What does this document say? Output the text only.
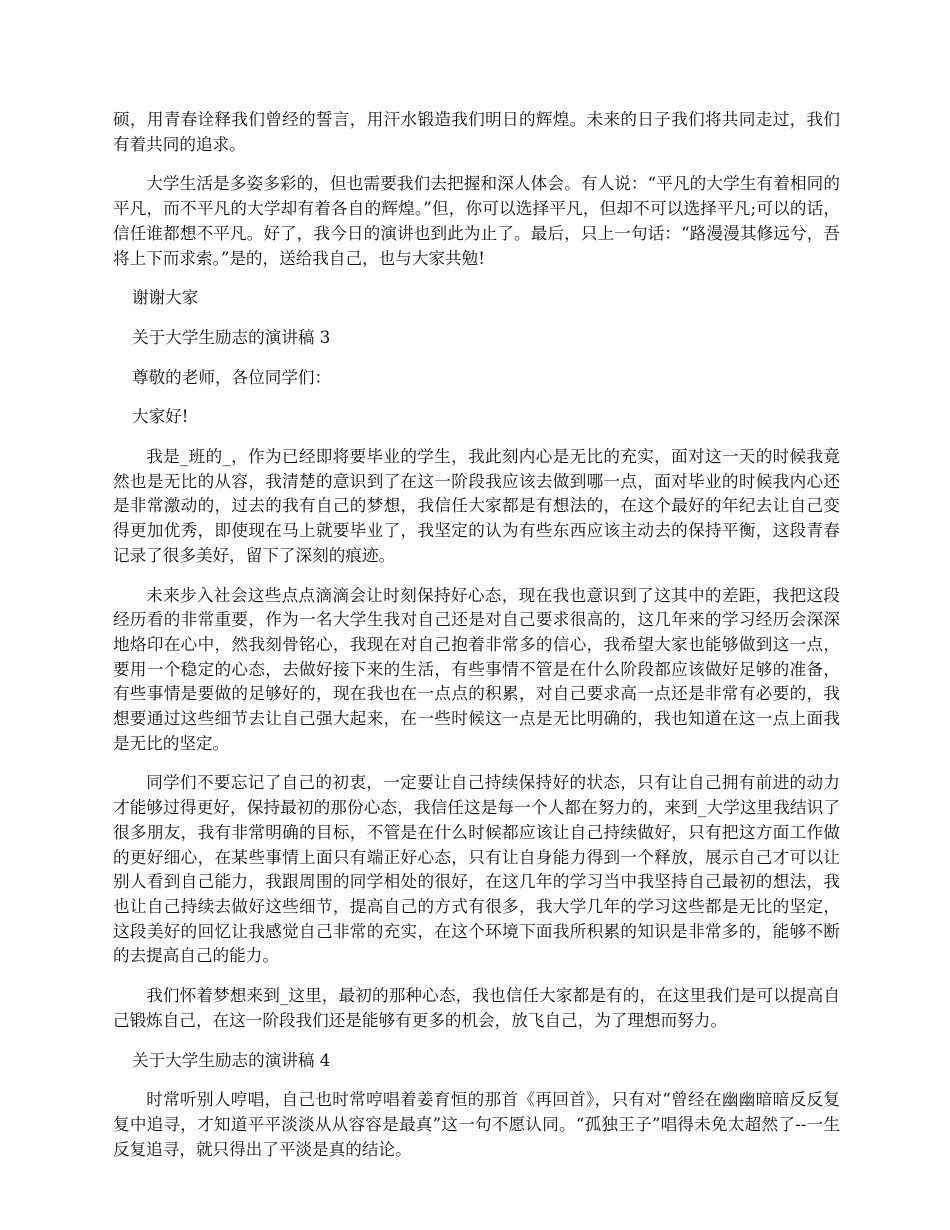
硕，用青春诠释我们曾经的誓言，用汗水锻造我们明日的辉煌。未来的日子我们将共同走过，我们有着共同的追求。

大学生活是多姿多彩的，但也需要我们去把握和深人体会。有人说：“平凡的大学生有着相同的平凡，而不平凡的大学却有着各自的辉煌。”但，你可以选择平凡，但却不可以选择平凡;可以的话，信任谁都想不平凡。好了，我今日的演讲也到此为止了。最后，只上一句话：“路漫漫其修远兮，吾将上下而求索。”是的，送给我自己，也与大家共勉!

谢谢大家

关于大学生励志的演讲稿 3

尊敬的老师，各位同学们：

大家好!

我是_班的_，作为已经即将要毕业的学生，我此刻内心是无比的充实，面对这一天的时候我竟然也是无比的从容，我清楚的意识到了在这一阶段我应该去做到哪一点，面对毕业的时候我内心还是非常激动的，过去的我有自己的梦想，我信任大家都是有想法的，在这个最好的年纪去让自己变得更加优秀，即使现在马上就要毕业了，我坚定的认为有些东西应该主动去的保持平衡，这段青春记录了很多美好，留下了深刻的痕迹。

未来步入社会这些点点滴滴会让时刻保持好心态，现在我也意识到了这其中的差距，我把这段经历看的非常重要，作为一名大学生我对自己还是对自己要求很高的，这几年来的学习经历会深深地烙印在心中，然我刻骨铭心，我现在对自己抱着非常多的信心，我希望大家也能够做到这一点，要用一个稳定的心态，去做好接下来的生活，有些事情不管是在什么阶段都应该做好足够的准备，有些事情是要做的足够好的，现在我也在一点点的积累，对自己要求高一点还是非常有必要的，我想要通过这些细节去让自己强大起来，在一些时候这一点是无比明确的，我也知道在这一点上面我是无比的坚定。

同学们不要忘记了自己的初衷，一定要让自己持续保持好的状态，只有让自己拥有前进的动力才能够过得更好，保持最初的那份心态，我信任这是每一个人都在努力的，来到_大学这里我结识了很多朋友，我有非常明确的目标，不管是在什么时候都应该让自己持续做好，只有把这方面工作做的更好细心，在某些事情上面只有端正好心态，只有让自身能力得到一个释放，展示自己才可以让别人看到自己能力，我跟周围的同学相处的很好，在这几年的学习当中我坚持自己最初的想法，我也让自己持续去做好这些细节，提高自己的方式有很多，我大学几年的学习这些都是无比的坚定，这段美好的回忆让我感觉自己非常的充实，在这个环境下面我所积累的知识是非常多的，能够不断的去提高自己的能力。

我们怀着梦想来到_这里，最初的那种心态，我也信任大家都是有的，在这里我们是可以提高自己锻炼自己，在这一阶段我们还是能够有更多的机会，放飞自己，为了理想而努力。

关于大学生励志的演讲稿 4

时常听别人哼唱，自己也时常哼唱着姜育恒的那首《再回首》，只有对“曾经在幽幽暗暗反反复复中追寻，才知道平平淡淡从从容容是最真”这一句不愿认同。“孤独王子”唱得未免太超然了--一生反复追寻，就只得出了平淡是真的结论。
